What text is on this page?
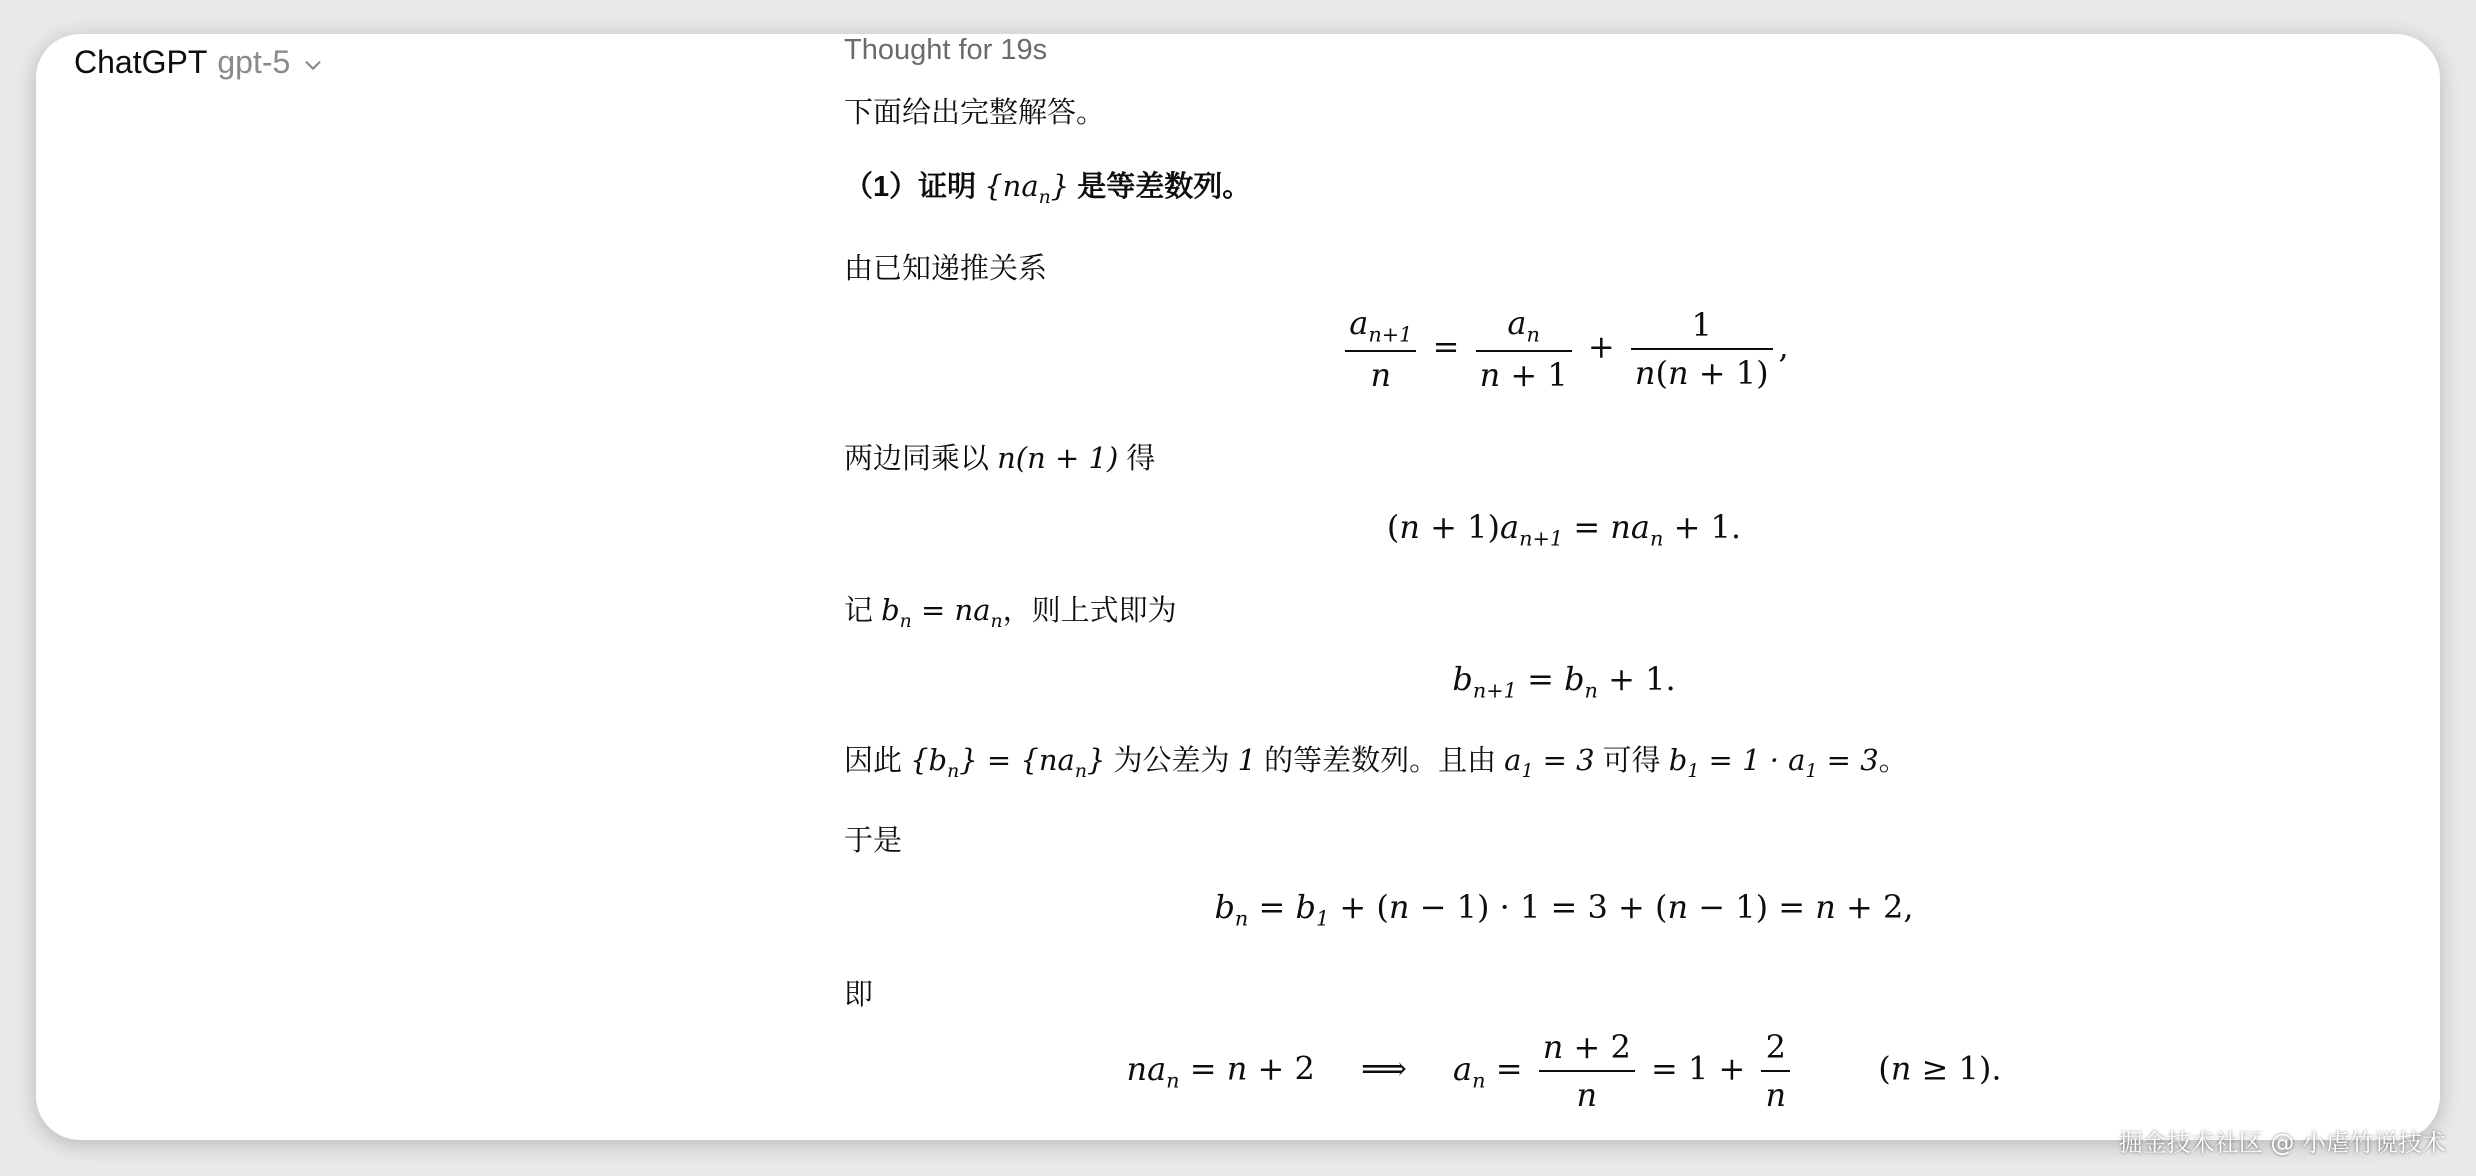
ChatGPT gpt-5	Thought for 19s
下面给出完整解答。
（1）证明 $\{na_n\}$ 是等差数列。
由已知递推关系
$\frac{a_{n+1}}{n} = \frac{a_n}{n + 1} + \frac{1}{n(n + 1)}$ ,
两边同乘以 n(n + 1) 得
$(n + 1)a_{n+1} = na_n + 1$.
记 $b_n = na_n$，则上式即为
$b_{n+1} = b_n + 1$.
因此 $\{b_n\} = \{na_n\}$ 为公差为 1 的等差数列。且由 $a_1 = 3$ 可得 $b_1 = 1 \cdot a_1 = 3$。
于是
$b_n = b_1 + (n - 1) \cdot 1 = 3 + (n - 1) = n + 2$,
即
$na_n = n + 2$ ⟹ $a_n = \frac{n + 2}{n} = 1 + \frac{2}{n}$	(n ≥ 1).
掘金技术社区 @ 小虐竹说技术
